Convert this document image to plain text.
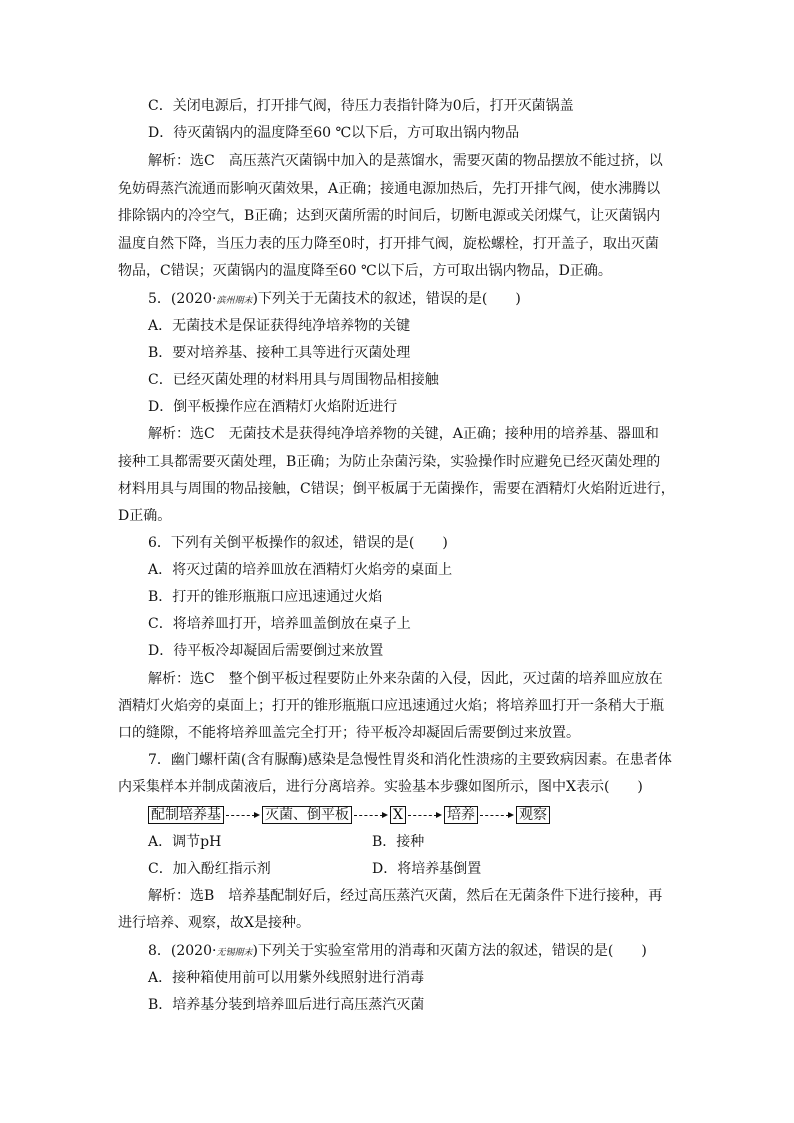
C．关闭电源后，打开排气阀，待压力表指针降为0后，打开灭菌锅盖
D．待灭菌锅内的温度降至60 ℃以下后，方可取出锅内物品
解析：选C　高压蒸汽灭菌锅中加入的是蒸馏水，需要灭菌的物品摆放不能过挤，以
免妨碍蒸汽流通而影响灭菌效果，A正确；接通电源加热后，先打开排气阀，使水沸腾以
排除锅内的冷空气，B正确；达到灭菌所需的时间后，切断电源或关闭煤气，让灭菌锅内
温度自然下降，当压力表的压力降至0时，打开排气阀，旋松螺栓，打开盖子，取出灭菌
物品，C错误；灭菌锅内的温度降至60 ℃以下后，方可取出锅内物品，D正确。
5．(2020·滨州期末)下列关于无菌技术的叙述，错误的是(　　)
A．无菌技术是保证获得纯净培养物的关键
B．要对培养基、接种工具等进行灭菌处理
C．已经灭菌处理的材料用具与周围物品相接触
D．倒平板操作应在酒精灯火焰附近进行
解析：选C　无菌技术是获得纯净培养物的关键，A正确；接种用的培养基、器皿和
接种工具都需要灭菌处理，B正确；为防止杂菌污染，实验操作时应避免已经灭菌处理的
材料用具与周围的物品接触，C错误；倒平板属于无菌操作，需要在酒精灯火焰附近进行，
D正确。
6．下列有关倒平板操作的叙述，错误的是(　　)
A．将灭过菌的培养皿放在酒精灯火焰旁的桌面上
B．打开的锥形瓶瓶口应迅速通过火焰
C．将培养皿打开，培养皿盖倒放在桌子上
D．待平板冷却凝固后需要倒过来放置
解析：选C　整个倒平板过程要防止外来杂菌的入侵，因此，灭过菌的培养皿应放在
酒精灯火焰旁的桌面上；打开的锥形瓶瓶口应迅速通过火焰；将培养皿打开一条稍大于瓶
口的缝隙，不能将培养皿盖完全打开；待平板冷却凝固后需要倒过来放置。
7．幽门螺杆菌(含有脲酶)感染是急慢性胃炎和消化性溃疡的主要致病因素。在患者体
内采集样本并制成菌液后，进行分离培养。实验基本步骤如图所示，图中X表示(　　)
配制培养基	灭菌、倒平板	X	培养	观察
A．调节pH	B．接种
C．加入酚红指示剂	D．将培养基倒置
解析：选B　培养基配制好后，经过高压蒸汽灭菌，然后在无菌条件下进行接种，再
进行培养、观察，故X是接种。
8．(2020·无锡期末)下列关于实验室常用的消毒和灭菌方法的叙述，错误的是(　　)
A．接种箱使用前可以用紫外线照射进行消毒
B．培养基分装到培养皿后进行高压蒸汽灭菌
